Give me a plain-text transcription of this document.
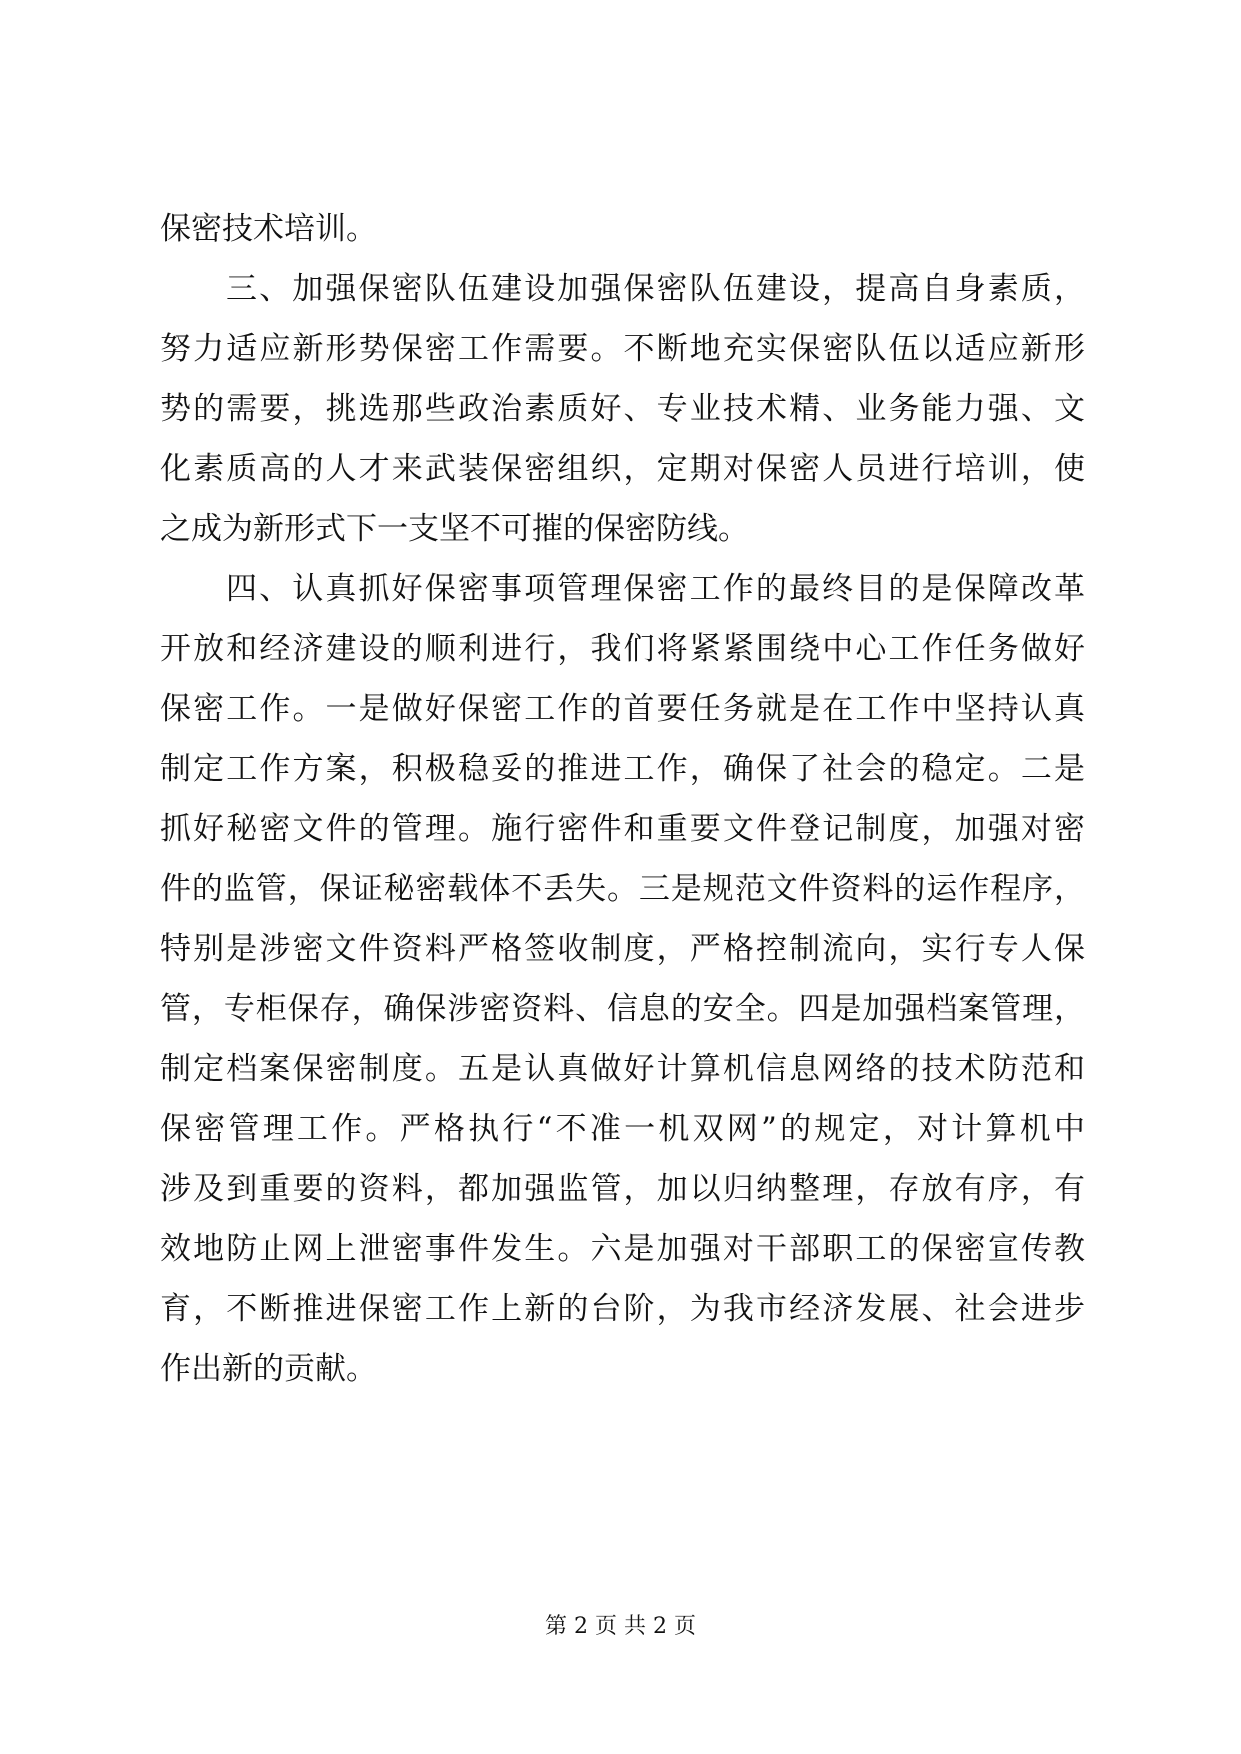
保密技术培训。
三、加强保密队伍建设加强保密队伍建设，提高自身素质，
努力适应新形势保密工作需要。不断地充实保密队伍以适应新形
势的需要，挑选那些政治素质好、专业技术精、业务能力强、文
化素质高的人才来武装保密组织，定期对保密人员进行培训，使
之成为新形式下一支坚不可摧的保密防线。
四、认真抓好保密事项管理保密工作的最终目的是保障改革
开放和经济建设的顺利进行，我们将紧紧围绕中心工作任务做好
保密工作。一是做好保密工作的首要任务就是在工作中坚持认真
制定工作方案，积极稳妥的推进工作，确保了社会的稳定。二是
抓好秘密文件的管理。施行密件和重要文件登记制度，加强对密
件的监管，保证秘密载体不丢失。三是规范文件资料的运作程序，
特别是涉密文件资料严格签收制度，严格控制流向，实行专人保
管，专柜保存，确保涉密资料、信息的安全。四是加强档案管理，
制定档案保密制度。五是认真做好计算机信息网络的技术防范和
保密管理工作。严格执行“不准一机双网”的规定，对计算机中
涉及到重要的资料，都加强监管，加以归纳整理，存放有序，有
效地防止网上泄密事件发生。六是加强对干部职工的保密宣传教
育，不断推进保密工作上新的台阶，为我市经济发展、社会进步
作出新的贡献。
第 2 页 共 2 页
